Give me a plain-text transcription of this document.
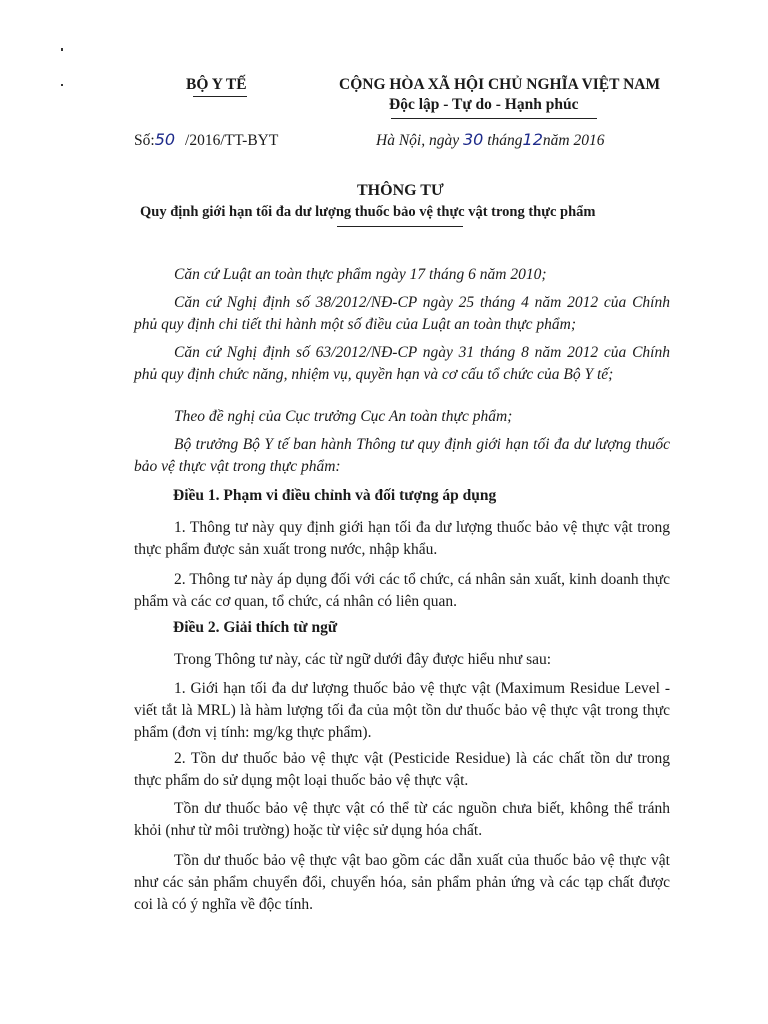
BỘ Y TẾ	CỘNG HÒA XÃ HỘI CHỦ NGHĨA VIỆT NAM
Độc lập - Tự do - Hạnh phúc
Số:50 /2016/TT-BYT	Hà Nội, ngày 30 tháng12năm 2016
THÔNG TƯ
Quy định giới hạn tối đa dư lượng thuốc bảo vệ thực vật trong thực phẩm

Căn cứ Luật an toàn thực phẩm ngày 17 tháng 6 năm 2010;

Căn cứ Nghị định số 38/2012/NĐ-CP ngày 25 tháng 4 năm 2012 của Chính phủ quy định chi tiết thi hành một số điều của Luật an toàn thực phẩm;

Căn cứ Nghị định số 63/2012/NĐ-CP ngày 31 tháng 8 năm 2012 của Chính phủ quy định chức năng, nhiệm vụ, quyền hạn và cơ cấu tổ chức của Bộ Y tế;

Theo đề nghị của Cục trưởng Cục An toàn thực phẩm;

Bộ trưởng Bộ Y tế ban hành Thông tư quy định giới hạn tối đa dư lượng thuốc bảo vệ thực vật trong thực phẩm:

Điều 1. Phạm vi điều chỉnh và đối tượng áp dụng

1. Thông tư này quy định giới hạn tối đa dư lượng thuốc bảo vệ thực vật trong thực phẩm được sản xuất trong nước, nhập khẩu.

2. Thông tư này áp dụng đối với các tổ chức, cá nhân sản xuất, kinh doanh thực phẩm và các cơ quan, tổ chức, cá nhân có liên quan.

Điều 2. Giải thích từ ngữ

Trong Thông tư này, các từ ngữ dưới đây được hiểu như sau:

1. Giới hạn tối đa dư lượng thuốc bảo vệ thực vật (Maximum Residue Level - viết tắt là MRL) là hàm lượng tối đa của một tồn dư thuốc bảo vệ thực vật trong thực phẩm (đơn vị tính: mg/kg thực phẩm).

2. Tồn dư thuốc bảo vệ thực vật (Pesticide Residue) là các chất tồn dư trong thực phẩm do sử dụng một loại thuốc bảo vệ thực vật.

Tồn dư thuốc bảo vệ thực vật có thể từ các nguồn chưa biết, không thể tránh khỏi (như từ môi trường) hoặc từ việc sử dụng hóa chất.

Tồn dư thuốc bảo vệ thực vật bao gồm các dẫn xuất của thuốc bảo vệ thực vật như các sản phẩm chuyển đổi, chuyển hóa, sản phẩm phản ứng và các tạp chất được coi là có ý nghĩa về độc tính.
